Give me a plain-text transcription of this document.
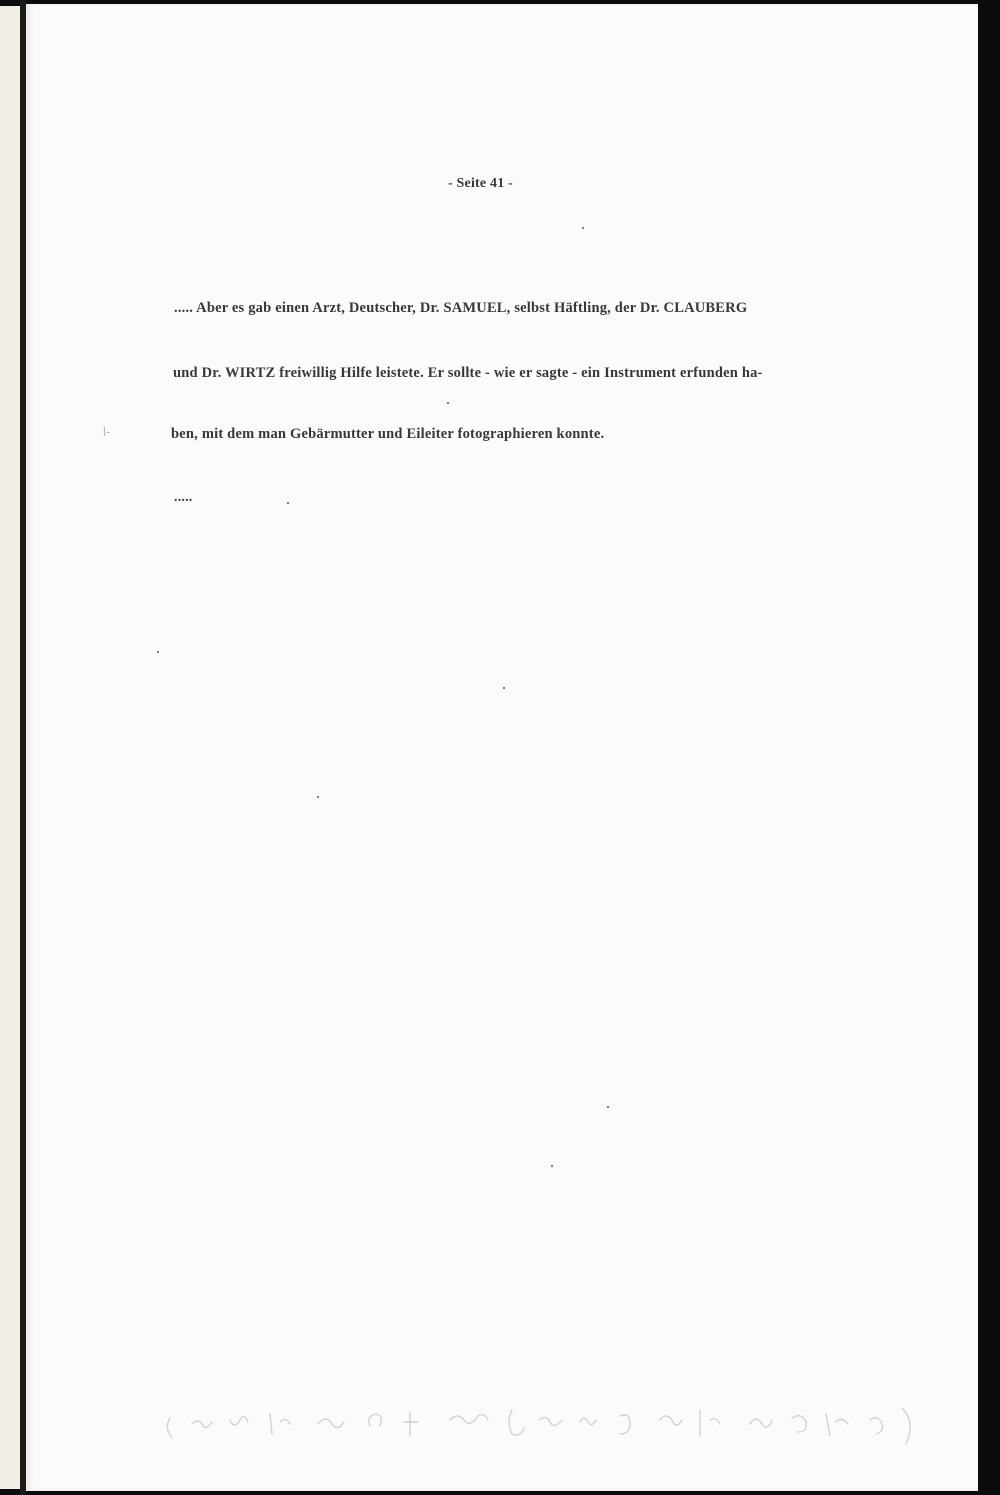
- Seite 41 -
..... Aber es gab einen Arzt, Deutscher, Dr. SAMUEL, selbst Häftling, der Dr. CLAUBERG
und Dr. WIRTZ freiwillig Hilfe leistete. Er sollte - wie er sagte - ein Instrument erfunden ha-
ben, mit dem man Gebärmutter und Eileiter fotographieren konnte.
.....
l-
